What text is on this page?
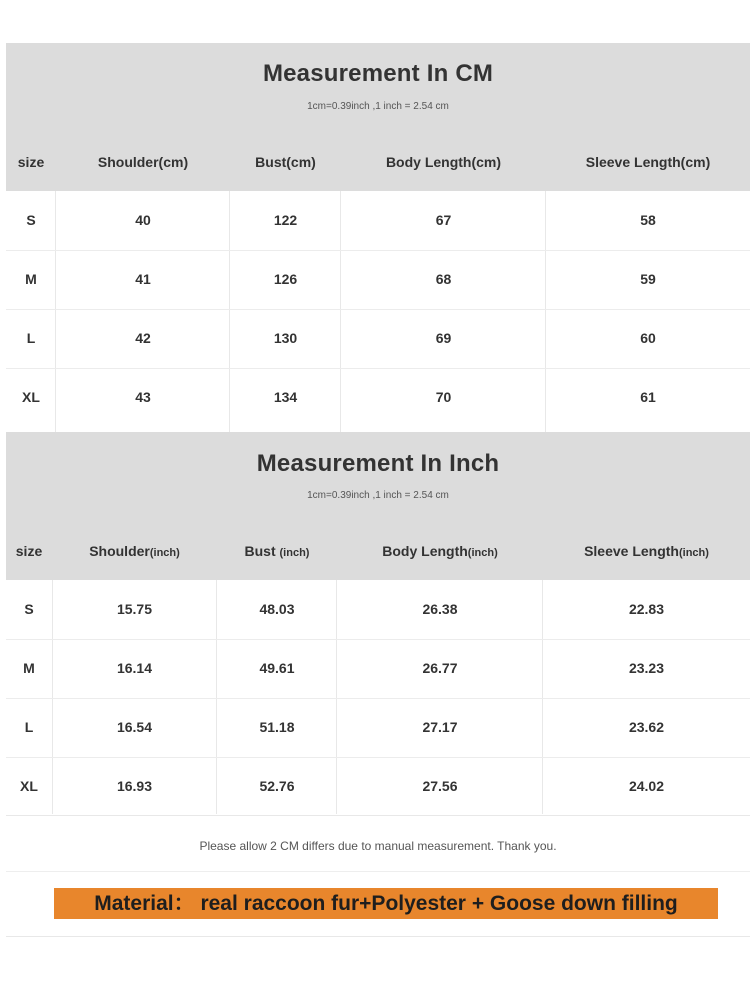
Measurement In CM
1cm=0.39inch ,1 inch = 2.54 cm
size	Shoulder(cm)	Bust(cm)	Body Length(cm)	Sleeve Length(cm)
S	40	122	67	58
M	41	126	68	59
L	42	130	69	60
XL	43	134	70	61
Measurement In Inch
1cm=0.39inch ,1 inch = 2.54 cm
size	Shoulder(inch)	Bust (inch)	Body Length(inch)	Sleeve Length(inch)
S	15.75	48.03	26.38	22.83
M	16.14	49.61	26.77	23.23
L	16.54	51.18	27.17	23.62
XL	16.93	52.76	27.56	24.02
Please allow 2 CM differs due to manual measurement. Thank you.
Material： real raccoon fur+Polyester + Goose down filling
